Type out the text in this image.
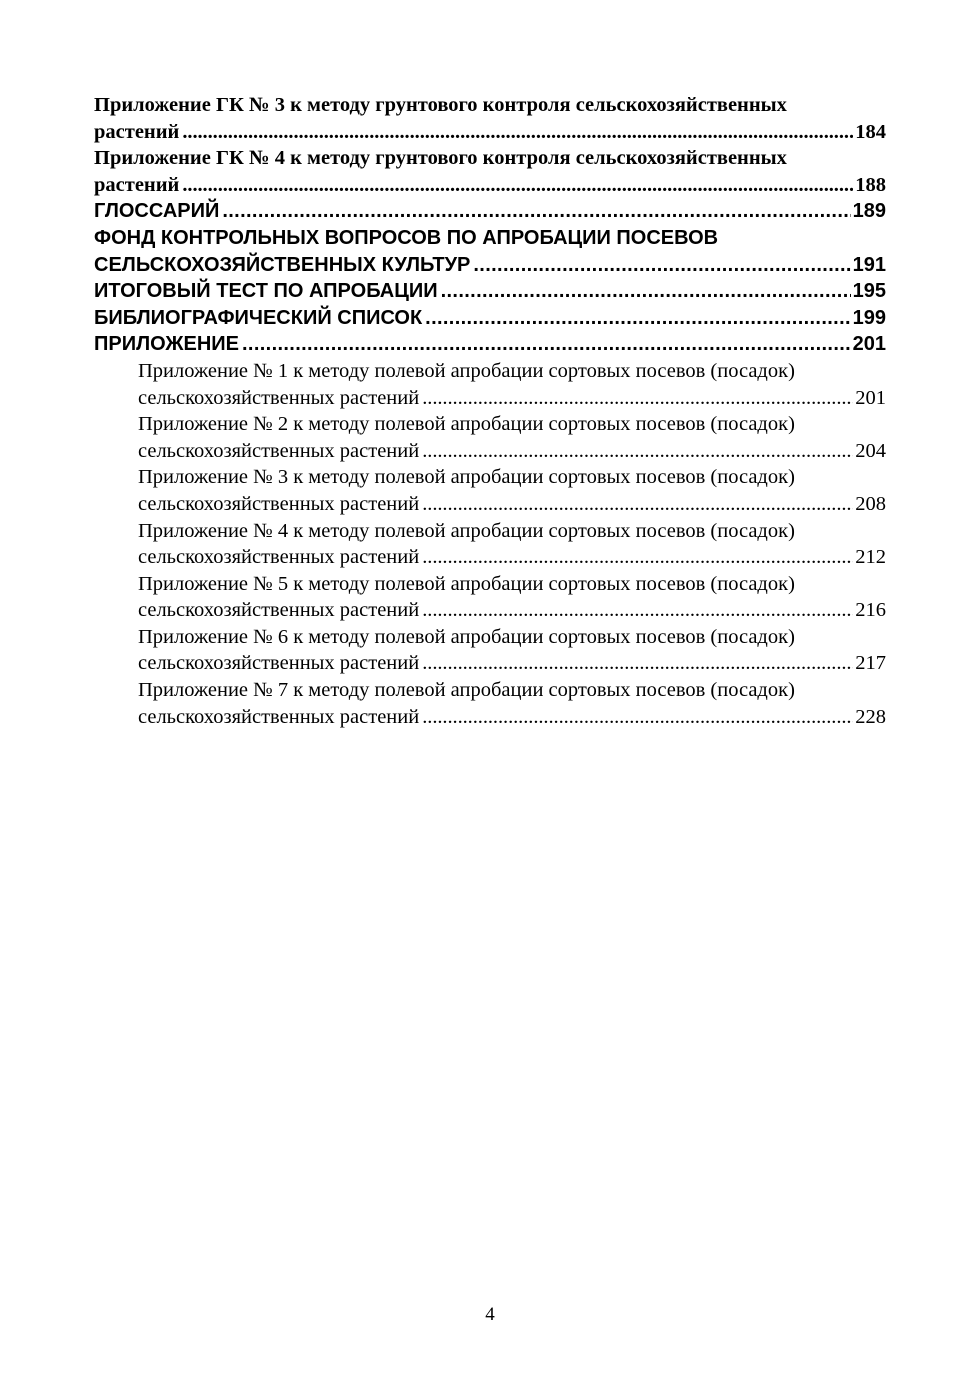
Приложение ГК № 3 к методу грунтового контроля сельскохозяйственных
растений . . .	184
Приложение ГК № 4 к методу грунтового контроля сельскохозяйственных
растений . . .	188
ГЛОССАРИЙ . . .	189
ФОНД КОНТРОЛЬНЫХ ВОПРОСОВ ПО АПРОБАЦИИ ПОСЕВОВ
СЕЛЬСКОХОЗЯЙСТВЕННЫХ КУЛЬТУР . . .	191
ИТОГОВЫЙ ТЕСТ ПО АПРОБАЦИИ . . .	195
БИБЛИОГРАФИЧЕСКИЙ СПИСОК . . .	199
ПРИЛОЖЕНИЕ . . .	201
Приложение № 1 к методу полевой апробации сортовых посевов (посадок)
сельскохозяйственных растений . . .	201
Приложение № 2 к методу полевой апробации сортовых посевов (посадок)
сельскохозяйственных растений . . .	204
Приложение № 3 к методу полевой апробации сортовых посевов (посадок)
сельскохозяйственных растений . . .	208
Приложение № 4 к методу полевой апробации сортовых посевов (посадок)
сельскохозяйственных растений . . .	212
Приложение № 5 к методу полевой апробации сортовых посевов (посадок)
сельскохозяйственных растений . . .	216
Приложение № 6 к методу полевой апробации сортовых посевов (посадок)
сельскохозяйственных растений . . .	217
Приложение № 7 к методу полевой апробации сортовых посевов (посадок)
сельскохозяйственных растений . . .	228
4
